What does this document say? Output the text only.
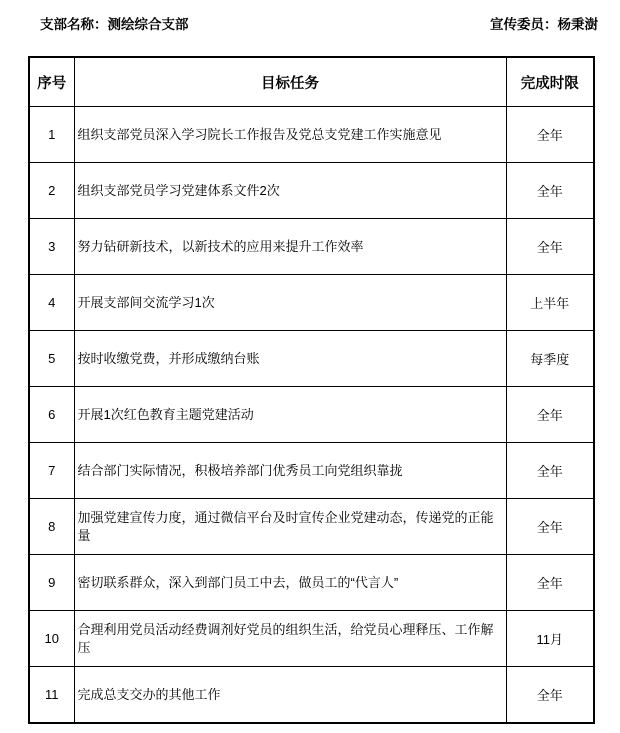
支部名称：测绘综合支部	宣传委员：杨秉澍
序号	目标任务	完成时限
1	组织支部党员深入学习院长工作报告及党总支党建工作实施意见	全年
2	组织支部党员学习党建体系文件2次	全年
3	努力钻研新技术，以新技术的应用来提升工作效率	全年
4	开展支部间交流学习1次	上半年
5	按时收缴党费，并形成缴纳台账	每季度
6	开展1次红色教育主题党建活动	全年
7	结合部门实际情况，积极培养部门优秀员工向党组织靠拢	全年
8	加强党建宣传力度，通过微信平台及时宣传企业党建动态，传递党的正能量	全年
9	密切联系群众，深入到部门员工中去，做员工的“代言人”	全年
10	合理利用党员活动经费调剂好党员的组织生活，给党员心理释压、工作解压	11月
11	完成总支交办的其他工作	全年
